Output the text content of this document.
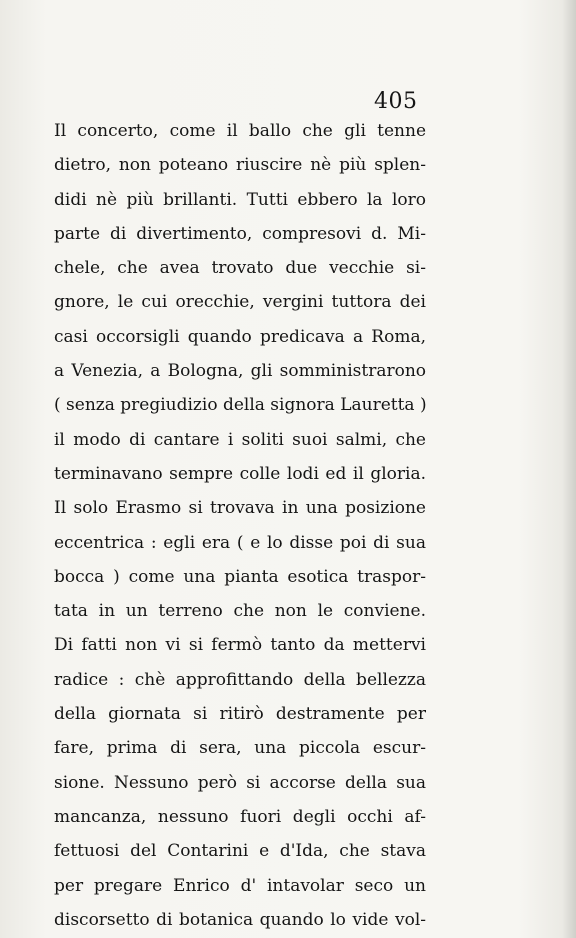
405
Il concerto, come il ballo che gli tenne
dietro, non poteano riuscire nè più splen-
didi nè più brillanti. Tutti ebbero la loro
parte di divertimento, compresovi d. Mi-
chele, che avea trovato due vecchie si-
gnore, le cui orecchie, vergini tuttora dei
casi occorsigli quando predicava a Roma,
a Venezia, a Bologna, gli somministrarono
( senza pregiudizio della signora Lauretta )
il modo di cantare i soliti suoi salmi, che
terminavano sempre colle lodi ed il gloria.
Il solo Erasmo si trovava in una posizione
eccentrica : egli era ( e lo disse poi di sua
bocca ) come una pianta esotica traspor-
tata in un terreno che non le conviene.
Di fatti non vi si fermò tanto da mettervi
radice : chè approfittando della bellezza
della giornata si ritirò destramente per
fare, prima di sera, una piccola escur-
sione. Nessuno però si accorse della sua
mancanza, nessuno fuori degli occhi af-
fettuosi del Contarini e d'Ida, che stava
per pregare Enrico d' intavolar seco un
discorsetto di botanica quando lo vide vol-
